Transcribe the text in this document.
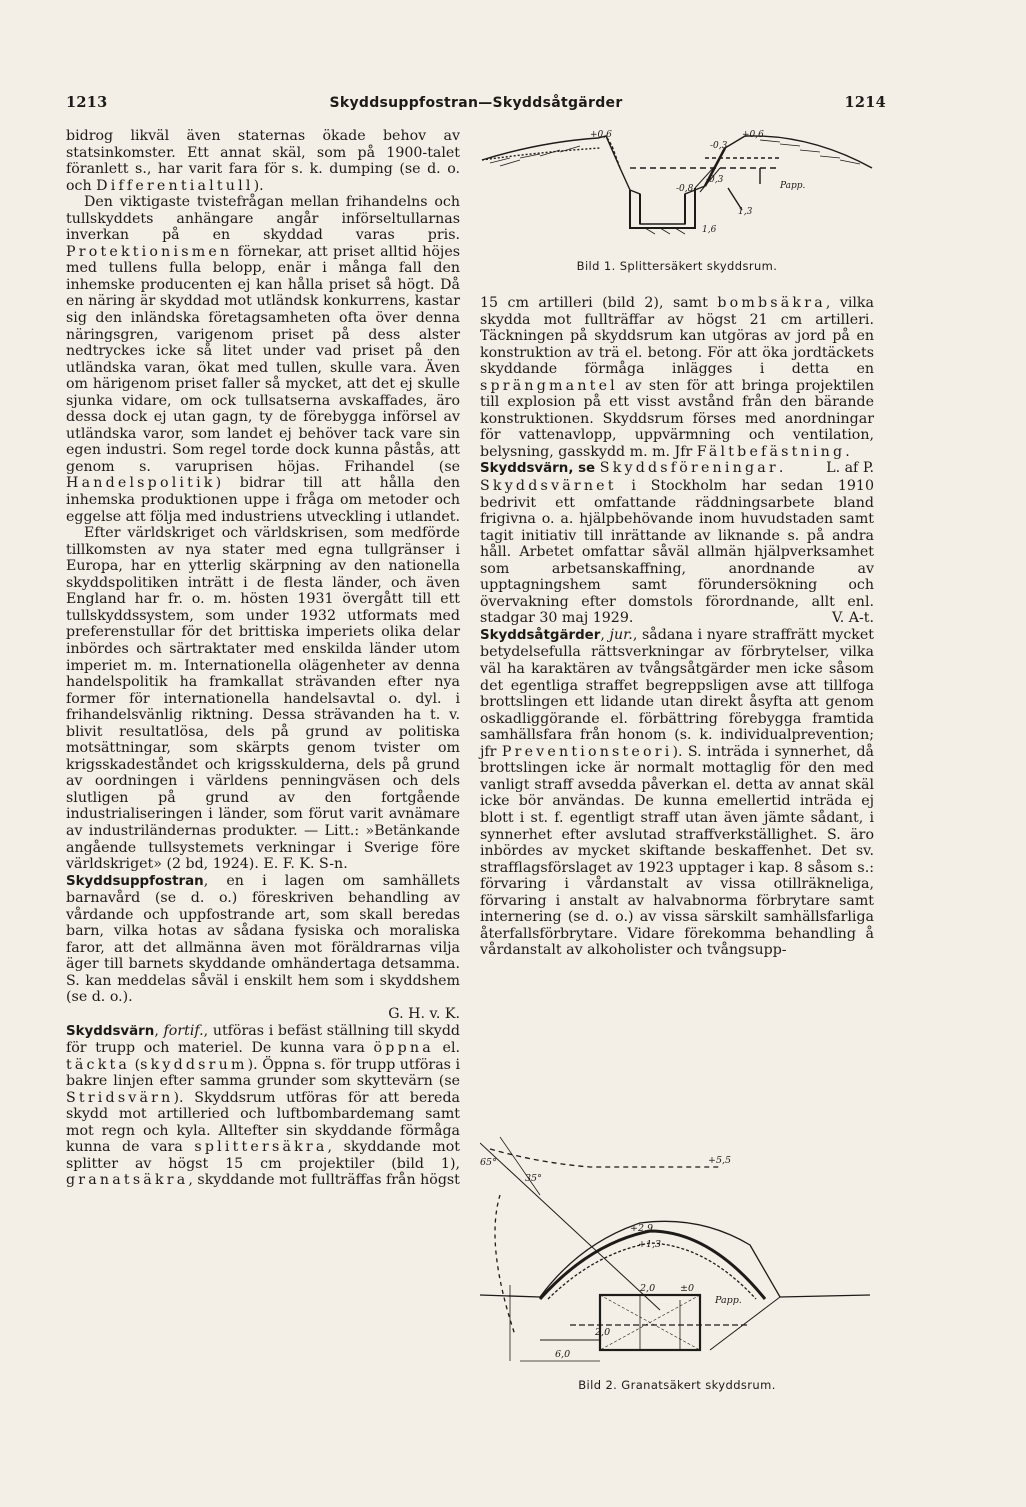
1213	Skyddsuppfostran—Skyddsåtgärder	1214

bidrog likväl även staternas ökade behov av statsinkomster. Ett annat skäl, som på 1900-talet föranlett s., har varit fara för s. k. dumping (se d. o. och Differentialtull).

Den viktigaste tvistefrågan mellan frihandelns och tullskyddets anhängare angår införseltullarnas inverkan på en skyddad varas pris. Protektionismen förnekar, att priset alltid höjes med tullens fulla belopp, enär i många fall den inhemske producenten ej kan hålla priset så högt. Då en näring är skyddad mot utländsk konkurrens, kastar sig den inländska företagsamheten ofta över denna näringsgren, varigenom priset på dess alster nedtryckes icke så litet under vad priset på den utländska varan, ökat med tullen, skulle vara. Även om härigenom priset faller så mycket, att det ej skulle sjunka vidare, om ock tullsatserna avskaffades, äro dessa dock ej utan gagn, ty de förebygga införsel av utländska varor, som landet ej behöver tack vare sin egen industri. Som regel torde dock kunna påstås, att genom s. varuprisen höjas. Frihandel (se Handelspolitik) bidrar till att hålla den inhemska produktionen uppe i fråga om metoder och eggelse att följa med industriens utveckling i utlandet.

Efter världskriget och världskrisen, som medförde tillkomsten av nya stater med egna tullgränser i Europa, har en ytterlig skärpning av den nationella skyddspolitiken inträtt i de flesta länder, och även England har fr. o. m. hösten 1931 övergått till ett tullskyddssystem, som under 1932 utformats med preferenstullar för det brittiska imperiets olika delar inbördes och särtraktater med enskilda länder utom imperiet m. m. Internationella olägenheter av denna handelspolitik ha framkallat strävanden efter nya former för internationella handelsavtal o. dyl. i frihandelsvänlig riktning. Dessa strävanden ha t. v. blivit resultatlösa, dels på grund av politiska motsättningar, som skärpts genom tvister om krigsskadeståndet och krigsskulderna, dels på grund av oordningen i världens penningväsen och dels slutligen på grund av den fortgående industrialiseringen i länder, som förut varit avnämare av industriländernas produkter. — Litt.: »Betänkande angående tullsystemets verkningar i Sverige före världskriget» (2 bd, 1924). E. F. K. S-n.

Skyddsuppfostran, en i lagen om samhällets barnavård (se d. o.) föreskriven behandling av vårdande och uppfostrande art, som skall beredas barn, vilka hotas av sådana fysiska och moraliska faror, att det allmänna även mot föräldrarnas vilja äger till barnets skyddande omhändertaga detsamma. S. kan meddelas såväl i enskilt hem som i skyddshem (se d. o.).

G. H. v. K.

Skyddsvärn, fortif., utföras i befäst ställning till skydd för trupp och materiel. De kunna vara öppna el. täckta (skyddsrum). Öppna s. för trupp utföras i bakre linjen efter samma grunder som skyttevärn (se Stridsvärn). Skyddsrum utföras för att bereda skydd mot artilleried och luftbombardemang samt mot regn och kyla. Alltefter sin skyddande förmåga kunna de vara splittersäkra, skyddande mot splitter av högst 15 cm projektiler (bild 1), granatsäkra, skyddande mot fullträffas från högst

+0,6	+0,6
-0,3
-0,8
-0,3
Papp.
1,3
1,6
Bild 1. Splittersäkert skyddsrum.

15 cm artilleri (bild 2), samt bombsäkra, vilka skydda mot fullträffar av högst 21 cm artilleri. Täckningen på skyddsrum kan utgöras av jord på en konstruktion av trä el. betong. För att öka jordtäckets skyddande förmåga inlägges i detta en sprängmantel av sten för att bringa projektilen till explosion på ett visst avstånd från den bärande konstruktionen. Skyddsrum förses med anordningar för vattenavlopp, uppvärmning och ventilation, belysning, gasskydd m. m. Jfr Fältbefästning.
L. af P.

Skyddsvärn, se Skyddsföreningar.

Skyddsvärnet i Stockholm har sedan 1910 bedrivit ett omfattande räddningsarbete bland frigivna o. a. hjälpbehövande inom huvudstaden samt tagit initiativ till inrättande av liknande s. på andra håll. Arbetet omfattar såväl allmän hjälpverksamhet som arbetsanskaffning, anordnande av upptagningshem samt förundersökning och övervakning efter domstols förordnande, allt enl. stadgar 30 maj 1929.	V. A-t.

Skyddsåtgärder, jur., sådana i nyare straffrätt mycket betydelsefulla rättsverkningar av förbrytelser, vilka väl ha karaktären av tvångsåtgärder men icke såsom det egentliga straffet begreppsligen avse att tillfoga brottslingen ett lidande utan direkt åsyfta att genom oskadliggörande el. förbättring förebygga framtida samhällsfara från honom (s. k. individualprevention; jfr Preventionsteori). S. inträda i synnerhet, då brottslingen icke är normalt mottaglig för den med vanligt straff avsedda påverkan el. detta av annat skäl icke bör användas. De kunna emellertid inträda ej blott i st. f. egentligt straff utan även jämte sådant, i synnerhet efter avslutad straffverkställighet. S. äro inbördes av mycket skiftande beskaffenhet. Det sv. strafflagsförslaget av 1923 upptager i kap. 8 såsom s.: förvaring i vårdanstalt av vissa otillräkneliga, förvaring i anstalt av halvabnorma förbrytare samt internering (se d. o.) av vissa särskilt samhällsfarliga återfallsförbrytare. Vidare förekomma behandling å vårdanstalt av alkoholister och tvångsupp-

65°
35°
+5,5
+2,9
+1,3
2,0	±0
Papp.
2,0
6,0
Bild 2. Granatsäkert skyddsrum.
